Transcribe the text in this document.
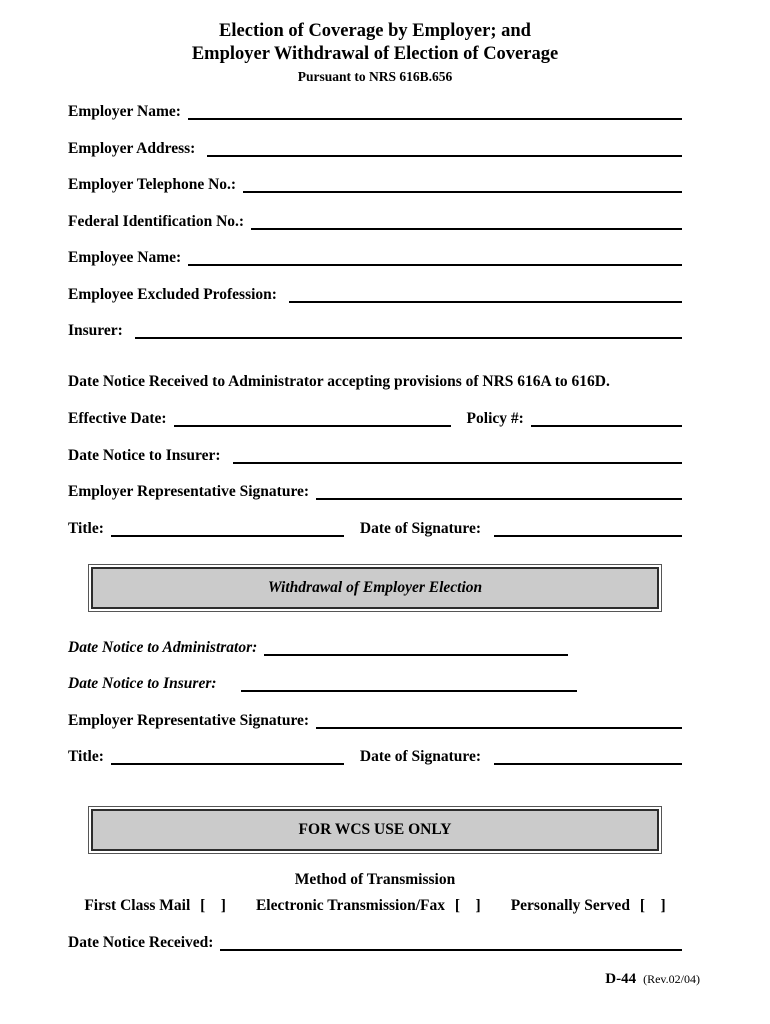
Election of Coverage by Employer; and
Employer Withdrawal of Election of Coverage
Pursuant to NRS 616B.656
Employer Name:
Employer Address:
Employer Telephone No.:
Federal Identification No.:
Employee Name:
Employee Excluded Profession:
Insurer:
Date Notice Received to Administrator accepting provisions of NRS 616A to 616D.
Effective Date:	Policy #:
Date Notice to Insurer:
Employer Representative Signature:
Title:	Date of Signature:
Withdrawal of Employer Election
Date Notice to Administrator:
Date Notice to Insurer:
Employer Representative Signature:
Title:	Date of Signature:
FOR WCS USE ONLY
Method of Transmission
First Class Mail [    ] Electronic Transmission/Fax [    ] Personally Served [    ]
Date Notice Received:
D-44 (Rev.02/04)
